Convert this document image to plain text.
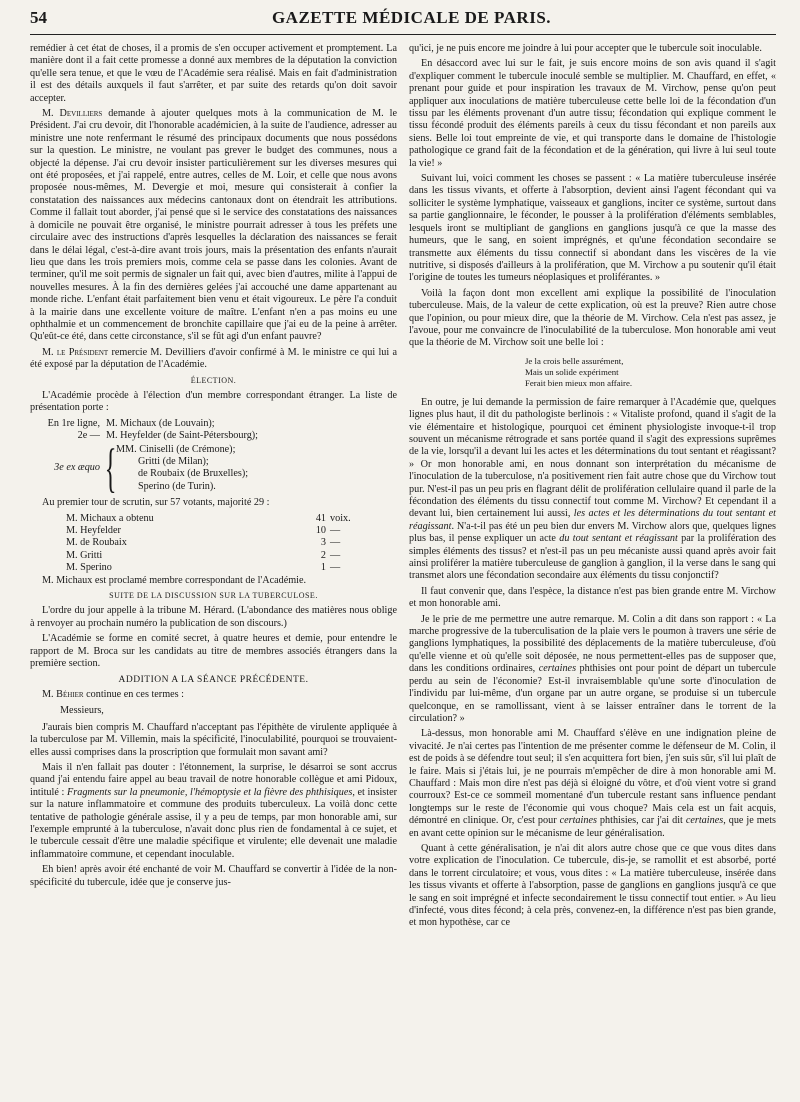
54	GAZETTE MÉDICALE DE PARIS.

remédier à cet état de choses, il a promis de s'en occuper activement et promptement. La manière dont il a fait cette promesse a donné aux membres de la députation la conviction qu'elle sera tenue, et que le vœu de l'Académie sera réalisé. Mais en fait d'administration il est des détails auxquels il faut s'arrêter, et par suite des retards qu'on doit savoir accepter.

M. Devilliers demande à ajouter quelques mots à la communication de M. le Président. J'ai cru devoir, dit l'honorable académicien, à la suite de l'audience, adresser au ministre une note renfermant le résumé des principaux documents que nous possédons sur la question. Le ministre, ne voulant pas grever le budget des communes, nous a objecté la dépense. J'ai cru devoir insister particulièrement sur les diverses mesures qui ont été proposées, et j'ai rappelé, entre autres, celles de M. Loir, et celle que nous avons proposée nous-mêmes, M. Devergie et moi, mesure qui consisterait à confier la constatation des naissances aux médecins cantonaux dont on étendrait les attributions. Comme il fallait tout aborder, j'ai pensé que si le service des constatations des naissances à domicile ne pouvait être organisé, le ministre pourrait adresser à tous les préfets une circulaire avec des instructions d'après lesquelles la déclaration des naissances se ferait dans le délai légal, c'est-à-dire avant trois jours, mais la présentation des enfants n'aurait lieu que dans les trois premiers mois, comme cela se passe dans les colonies. Avant de terminer, qu'il me soit permis de signaler un fait qui, avec bien d'autres, milite à l'appui de nouvelles mesures. À la fin des dernières gelées j'ai accouché une dame appartenant au monde riche. L'enfant était parfaitement bien venu et était vigoureux. Le père l'a conduit à la mairie dans une excellente voiture de maître. L'enfant n'en a pas moins eu une ophthalmie et un commencement de bronchite capillaire que j'ai eu de la peine à arrêter. Qu'eût-ce été, dans cette circonstance, s'il se fût agi d'un enfant pauvre?

M. le Président remercie M. Devilliers d'avoir confirmé à M. le ministre ce qui lui a été exposé par la députation de l'Académie.

ÉLECTION.

L'Académie procède à l'élection d'un membre correspondant étranger. La liste de présentation porte :

En 1re ligne, M. Michaux (de Louvain);
2e — M. Heyfelder (de Saint-Pétersbourg);
3e ex æquo { MM. Ciniselli (de Crémone);
Gritti (de Milan);
de Roubaix (de Bruxelles);
Sperino (de Turin).

Au premier tour de scrutin, sur 57 votants, majorité 29 :

M. Michaux a obtenu	41 voix.
M. Heyfelder	10 —
M. de Roubaix	3 —
M. Gritti	2 —
M. Sperino	1 —

M. Michaux est proclamé membre correspondant de l'Académie.

SUITE DE LA DISCUSSION SUR LA TUBERCULOSE.

L'ordre du jour appelle à la tribune M. Hérard. (L'abondance des matières nous oblige à renvoyer au prochain numéro la publication de son discours.)

L'Académie se forme en comité secret, à quatre heures et demie, pour entendre le rapport de M. Broca sur les candidats au titre de membres associés étrangers dans la première section.

ADDITION A LA SÉANCE PRÉCÉDENTE.

M. Béhier continue en ces termes :

Messieurs,

J'aurais bien compris M. Chauffard n'acceptant pas l'épithète de virulente appliquée à la tuberculose par M. Villemin, mais la spécificité, l'inoculabilité, pourquoi se trouvaient-elles aussi comprises dans la proscription que formulait mon savant ami?

Mais il n'en fallait pas douter : l'étonnement, la surprise, le désarroi se sont accrus quand j'ai entendu faire appel au beau travail de notre honorable collègue et ami Pidoux, intitulé : Fragments sur la pneumonie, l'hémoptysie et la fièvre des phthisiques, et insister sur la nature inflammatoire et commune des produits tuberculeux. La voilà donc cette tentative de pathologie générale assise, il y a peu de temps, par mon honorable ami, sur l'exemple emprunté à la tuberculose, n'avait donc plus rien de fondamental à ce sujet, et le tubercule cessait d'être une maladie spécifique et virulente; elle devenait une maladie inflammatoire commune, et cependant inoculable.

Eh bien! après avoir été enchanté de voir M. Chauffard se convertir à l'idée de la non-spécificité du tubercule, idée que je conserve jus-

qu'ici, je ne puis encore me joindre à lui pour accepter que le tubercule soit inoculable.

En désaccord avec lui sur le fait, je suis encore moins de son avis quand il s'agit d'expliquer comment le tubercule inoculé semble se multiplier. M. Chauffard, en effet, « prenant pour guide et pour inspiration les travaux de M. Virchow, pense qu'on peut appliquer aux inoculations de matière tuberculeuse cette belle loi de la fécondation d'un tissu par les éléments provenant d'un autre tissu; fécondation qui explique comment le tissu fécondé produit des éléments pareils à ceux du tissu fécondant et non pareils aux siens. Belle loi tout empreinte de vie, et qui transporte dans le domaine de l'histologie pathologique ce grand fait de la fécondation et de la génération, qui livre à lui seul toute la vie! »

Suivant lui, voici comment les choses se passent : « La matière tuberculeuse insérée dans les tissus vivants, et offerte à l'absorption, devient ainsi l'agent fécondant qui va solliciter le système lymphatique, vaisseaux et ganglions, inciter ce système, surtout dans sa partie ganglionnaire, le féconder, le pousser à la prolifération d'éléments semblables, lesquels iront se multipliant de ganglions en ganglions jusqu'à ce que la masse des humeurs, que le sang, en soient imprégnés, et qu'une fécondation secondaire se transmette aux éléments du tissu connectif si abondant dans les viscères de la vie nutritive, si disposés d'ailleurs à la prolifération, que M. Virchow a pu soutenir qu'il était l'origine de toutes les tumeurs néoplasiques et proliférantes. »

Voilà la façon dont mon excellent ami explique la possibilité de l'inoculation tuberculeuse. Mais, de la valeur de cette explication, où est la preuve? Rien autre chose que l'opinion, ou pour mieux dire, que la théorie de M. Virchow. Cela n'est pas assez, je l'avoue, pour me convaincre de l'inoculabilité de la tuberculose. Mon honorable ami veut que la théorie de M. Virchow soit une belle loi :

Je la crois belle assurément,
Mais un solide expériment
Ferait bien mieux mon affaire.

En outre, je lui demande la permission de faire remarquer à l'Académie que, quelques lignes plus haut, il dit du pathologiste berlinois : « Vitaliste profond, quand il s'agit de la vie élémentaire et histologique, pourquoi cet éminent physiologiste invoque-t-il trop souvent un mécanisme rétrograde et sans portée quand il s'agit des expressions suprêmes de la vie, lorsqu'il a devant lui les actes et les déterminations du tout sentant et réagissant? » Or mon honorable ami, en nous donnant son interprétation du mécanisme de l'inoculation de la tuberculose, n'a positivement rien fait autre chose que du Virchow tout pur. N'est-il pas un peu pris en flagrant délit de prolifération cellulaire quand il parle de la fécondation des éléments du tissu connectif tout comme M. Virchow? Et cependant il a devant lui, bien certainement lui aussi, les actes et les déterminations du tout sentant et réagissant. N'a-t-il pas été un peu bien dur envers M. Virchow alors que, quelques lignes plus bas, il pense expliquer un acte du tout sentant et réagissant par la prolifération des simples éléments des tissus? et n'est-il pas un peu mécaniste aussi quand après avoir fait ainsi proliférer la matière tuberculeuse de ganglion à ganglion, il la verse dans le sang qui transmet alors une fécondation secondaire aux éléments du tissu conjonctif?

Il faut convenir que, dans l'espèce, la distance n'est pas bien grande entre M. Virchow et mon honorable ami.

Je le prie de me permettre une autre remarque. M. Colin a dit dans son rapport : « La marche progressive de la tuberculisation de la plaie vers le poumon à travers une série de ganglions lymphatiques, la possibilité des déplacements de la matière tuberculeuse, d'où qu'elle vienne et où qu'elle soit déposée, ne nous permettent-elles pas de supposer que, dans les conditions ordinaires, certaines phthisies ont pour point de départ un tubercule perdu au sein de l'économie? Est-il invraisemblable qu'une sorte d'inoculation de l'individu par lui-même, d'un organe par un autre organe, se produise si un tubercule quelconque, en se ramollissant, vient à se laisser entraîner dans le torrent de la circulation? »

Là-dessus, mon honorable ami M. Chauffard s'élève en une indignation pleine de vivacité. Je n'ai certes pas l'intention de me présenter comme le défenseur de M. Colin, il est de poids à se défendre tout seul; il s'en acquittera fort bien, j'en suis sûr, s'il lui plaît de le faire. Mais si j'étais lui, je ne pourrais m'empêcher de dire à mon honorable ami M. Chauffard : Mais mon dire n'est pas déjà si éloigné du vôtre, et d'où vient votre si grand courroux? Est-ce ce sommeil momentané d'un tubercule restant sans influence pendant longtemps sur le reste de l'économie qui vous choque? Mais cela est un fait acquis, démontré en clinique. Or, c'est pour certaines phthisies, car j'ai dit certaines, que je mets en avant cette opinion sur le mécanisme de leur généralisation.

Quant à cette généralisation, je n'ai dit alors autre chose que ce que vous dites dans votre explication de l'inoculation. Ce tubercule, dis-je, se ramollit et est absorbé, porté dans le torrent circulatoire; et vous, vous dites : « La matière tuberculeuse, insérée dans les tissus vivants et offerte à l'absorption, passe de ganglions en ganglions jusqu'à ce que le sang en soit imprégné et infecte secondairement le tissu connectif tout entier. » Au lieu d'infecté, vous dites fécond; à cela près, convenez-en, la différence n'est pas bien grande, et mon hypothèse, car ce
